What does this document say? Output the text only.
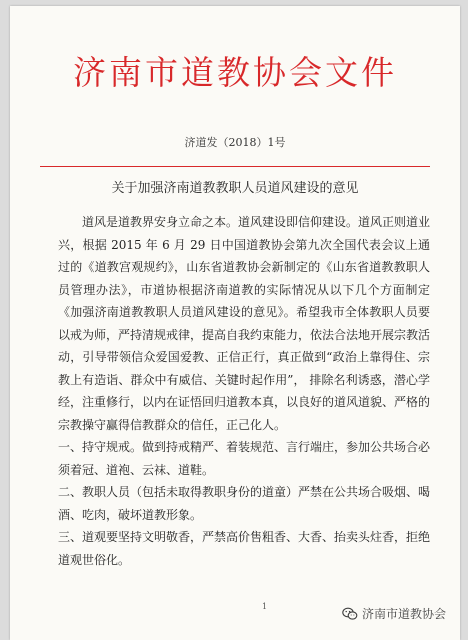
济南市道教协会文件
济道发（2018）1号
关于加强济南道教教职人员道风建设的意见

道风是道教界安身立命之本。道风建设即信仰建设。道风正则道业兴，根据 2015 年 6 月 29 日中国道教协会第九次全国代表会议上通过的《道教宫观规约》，山东省道教协会新制定的《山东省道教教职人员管理办法》，市道协根据济南道教的实际情况从以下几个方面制定《加强济南道教教职人员道风建设的意见》。希望我市全体教职人员要以戒为师，严持清规戒律，提高自我约束能力，依法合法地开展宗教活动，引导带领信众爱国爱教、正信正行，真正做到“政治上靠得住、宗教上有造诣、群众中有威信、关键时起作用”， 排除名利诱惑，潜心学经，注重修行，以内在证悟回归道教本真，以良好的道风道貌、严格的宗教操守赢得信教群众的信任，正己化人。

一、持守规戒。做到持戒精严、着装规范、言行端庄，参加公共场合必须着冠、道袍、云袜、道鞋。

二、教职人员（包括未取得教职身份的道童）严禁在公共场合吸烟、喝酒、吃肉，破坏道教形象。

三、道观要坚持文明敬香，严禁高价售粗香、大香、抬卖头炷香，拒绝道观世俗化。

1
济南市道教协会
